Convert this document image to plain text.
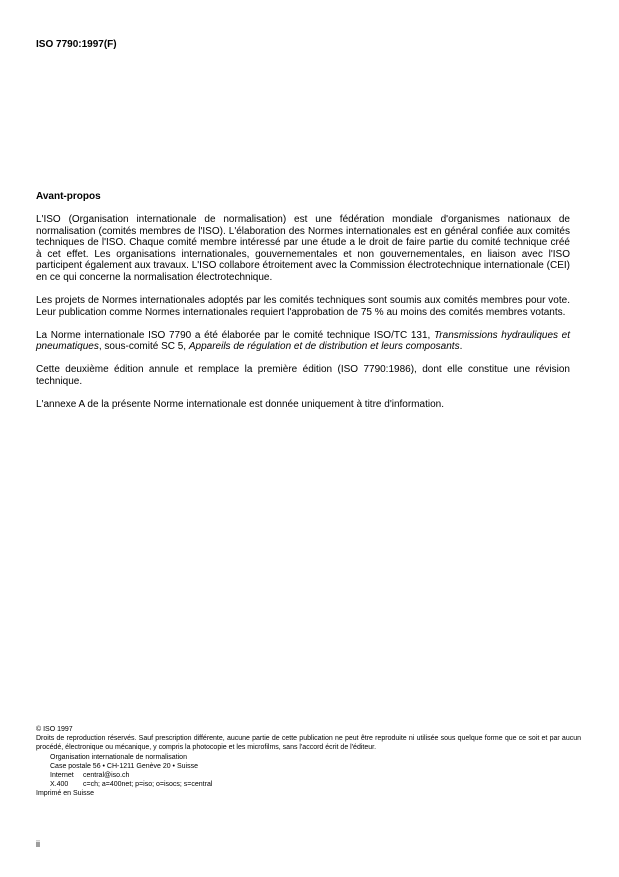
ISO 7790:1997(F)

Avant-propos

L'ISO (Organisation internationale de normalisation) est une fédération mondiale d'organismes nationaux de normalisation (comités membres de l'ISO). L'élaboration des Normes internationales est en général confiée aux comités techniques de l'ISO. Chaque comité membre intéressé par une étude a le droit de faire partie du comité technique créé à cet effet. Les organisations internationales, gouvernementales et non gouvernementales, en liaison avec l'ISO participent également aux travaux. L'ISO collabore étroitement avec la Commission électrotechnique internationale (CEI) en ce qui concerne la normalisation électrotechnique.

Les projets de Normes internationales adoptés par les comités techniques sont soumis aux comités membres pour vote. Leur publication comme Normes internationales requiert l'approbation de 75 % au moins des comités membres votants.

La Norme internationale ISO 7790 a été élaborée par le comité technique ISO/TC 131, Transmissions hydrauliques et pneumatiques, sous-comité SC 5, Appareils de régulation et de distribution et leurs composants.

Cette deuxième édition annule et remplace la première édition (ISO 7790:1986), dont elle constitue une révision technique.

L'annexe A de la présente Norme internationale est donnée uniquement à titre d'information.

© ISO 1997
Droits de reproduction réservés. Sauf prescription différente, aucune partie de cette publication ne peut être reproduite ni utilisée sous quelque forme que ce soit et par aucun procédé, électronique ou mécanique, y compris la photocopie et les microfilms, sans l'accord écrit de l'éditeur.
Organisation internationale de normalisation
Case postale 56 • CH-1211 Genève 20 • Suisse
Internet central@iso.ch
X.400 c=ch; a=400net; p=iso; o=isocs; s=central
Imprimé en Suisse
ii
